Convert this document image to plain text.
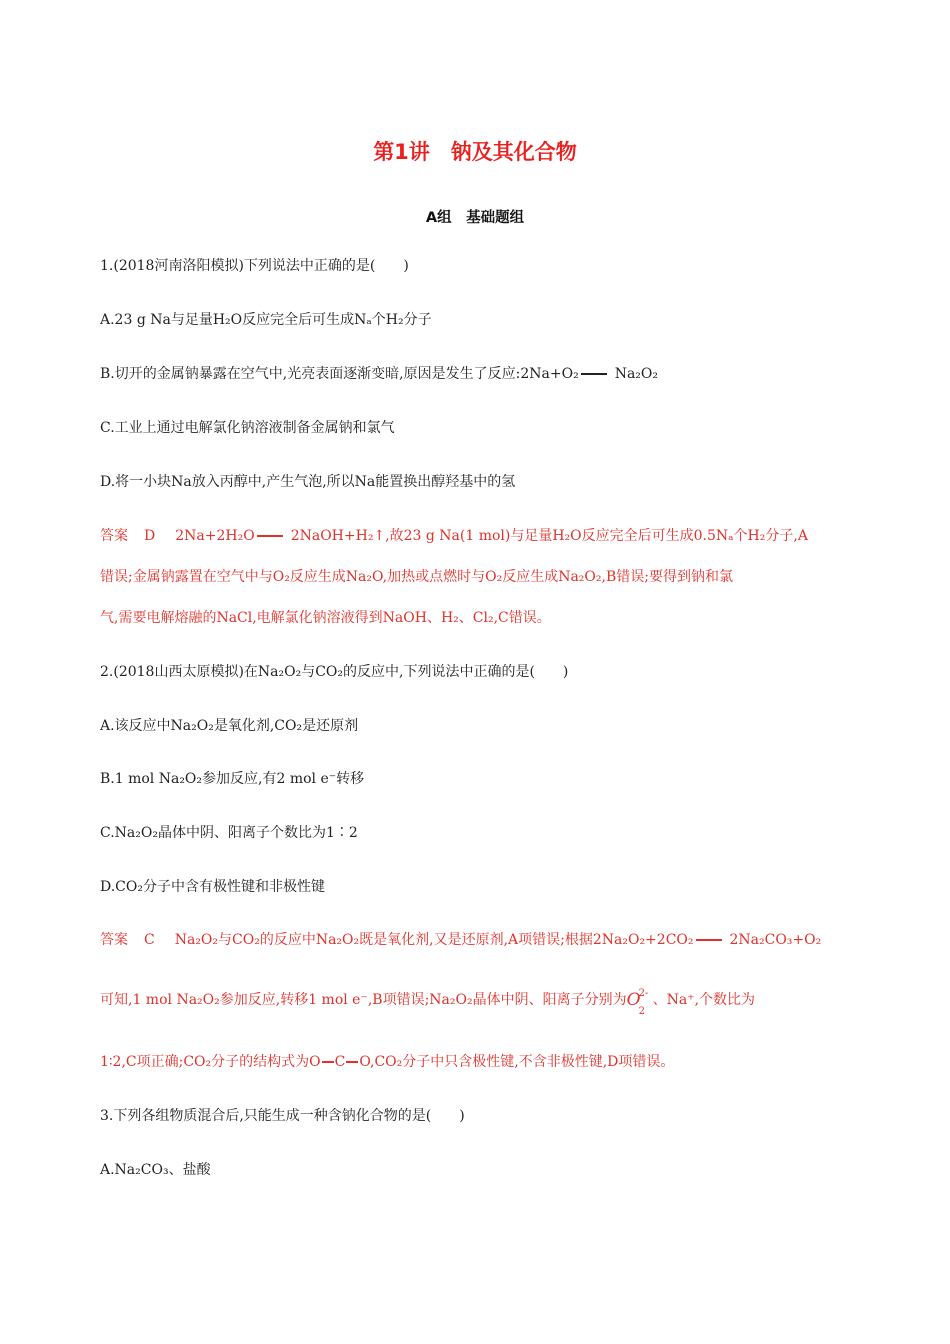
第1讲　钠及其化合物
A组　基础题组
1.(2018河南洛阳模拟)下列说法中正确的是(　　)
A.23 g Na与足量H₂O反应完全后可生成Nₐ个H₂分子
B.切开的金属钠暴露在空气中,光亮表面逐渐变暗,原因是发生了反应:2Na+O₂	Na₂O₂
C.工业上通过电解氯化钠溶液制备金属钠和氯气
D.将一小块Na放入丙醇中,产生气泡,所以Na能置换出醇羟基中的氢
答案 D 2Na+2H₂O	2NaOH+H₂↑,故23 g Na(1 mol)与足量H₂O反应完全后可生成0.5Nₐ个H₂分子,A
错误;金属钠露置在空气中与O₂反应生成Na₂O,加热或点燃时与O₂反应生成Na₂O₂,B错误;要得到钠和氯
气,需要电解熔融的NaCl,电解氯化钠溶液得到NaOH、H₂、Cl₂,C错误。
2.(2018山西太原模拟)在Na₂O₂与CO₂的反应中,下列说法中正确的是(　　)
A.该反应中Na₂O₂是氧化剂,CO₂是还原剂
B.1 mol Na₂O₂参加反应,有2 mol e⁻转移
C.Na₂O₂晶体中阴、阳离子个数比为1∶2
D.CO₂分子中含有极性键和非极性键
答案 C Na₂O₂与CO₂的反应中Na₂O₂既是氧化剂,又是还原剂,A项错误;根据2Na₂O₂+2CO₂	2Na₂CO₃+O₂
可知,1 mol Na₂O₂参加反应,转移1 mol e⁻,B项错误;Na₂O₂晶体中阴、阳离子分别为 O
2-
2
、Na⁺,个数比为
1∶2,C项正确;CO₂分子的结构式为O C O,CO₂分子中只含极性键,不含非极性键,D项错误。
3.下列各组物质混合后,只能生成一种含钠化合物的是(　　)
A.Na₂CO₃、盐酸
